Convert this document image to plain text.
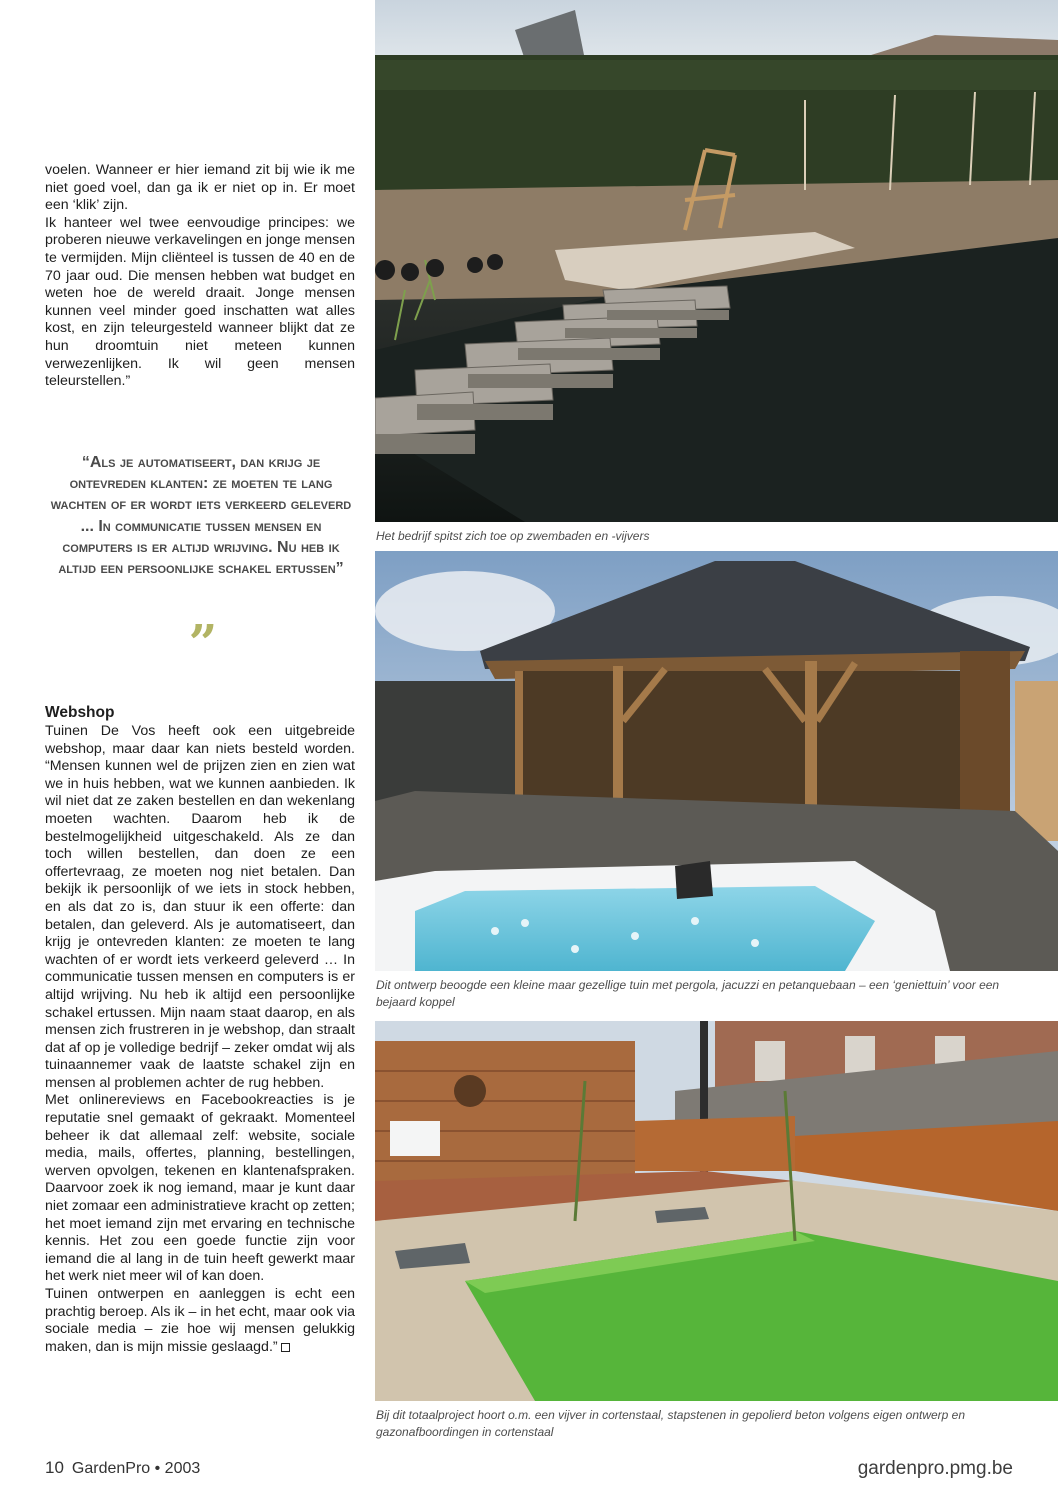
voelen. Wanneer er hier iemand zit bij wie ik me niet goed voel, dan ga ik er niet op in. Er moet een ‘klik’ zijn.

Ik hanteer wel twee eenvoudige principes: we proberen nieuwe verkavelingen en jonge mensen te vermijden. Mijn cliënteel is tussen de 40 en de 70 jaar oud. Die mensen hebben wat budget en weten hoe de wereld draait. Jonge mensen kunnen veel minder goed inschatten wat alles kost, en zijn teleurgesteld wanneer blijkt dat ze hun droomtuin niet meteen kunnen verwezenlijken. Ik wil geen mensen teleurstellen.”

“Als je automatiseert, dan krijg je ontevreden klanten: ze moeten te lang wachten of er wordt iets verkeerd geleverd ... In communicatie tussen mensen en computers is er altijd wrijving. Nu heb ik altijd een persoonlijke schakel ertussen”
”
Webshop

Tuinen De Vos heeft ook een uitgebreide webshop, maar daar kan niets besteld worden. “Mensen kunnen wel de prijzen zien en zien wat we in huis hebben, wat we kunnen aanbieden. Ik wil niet dat ze zaken bestellen en dan wekenlang moeten wachten. Daarom heb ik de bestelmogelijkheid uitgeschakeld. Als ze dan toch willen bestellen, dan doen ze een offertevraag, ze moeten nog niet betalen. Dan bekijk ik persoonlijk of we iets in stock hebben, en als dat zo is, dan stuur ik een offerte: dan betalen, dan geleverd. Als je automatiseert, dan krijg je ontevreden klanten: ze moeten te lang wachten of er wordt iets verkeerd geleverd … In communicatie tussen mensen en computers is er altijd wrijving. Nu heb ik altijd een persoonlijke schakel ertussen. Mijn naam staat daarop, en als mensen zich frustreren in je webshop, dan straalt dat af op je volledige bedrijf – zeker omdat wij als tuinaannemer vaak de laatste schakel zijn en mensen al problemen achter de rug hebben.

Met onlinereviews en Facebookreacties is je reputatie snel gemaakt of gekraakt. Momenteel beheer ik dat allemaal zelf: website, sociale media, mails, offertes, planning, bestellingen, werven opvolgen, tekenen en klantenafspraken. Daarvoor zoek ik nog iemand, maar je kunt daar niet zomaar een administratieve kracht op zetten; het moet iemand zijn met ervaring en technische kennis. Het zou een goede functie zijn voor iemand die al lang in de tuin heeft gewerkt maar het werk niet meer wil of kan doen.

Tuinen ontwerpen en aanleggen is echt een prachtig beroep. Als ik – in het echt, maar ook via sociale media – zie hoe wij mensen gelukkig maken, dan is mijn missie geslaagd.”

Het bedrijf spitst zich toe op zwembaden en -vijvers
Dit ontwerp beoogde een kleine maar gezellige tuin met pergola, jacuzzi en petanquebaan – een ‘geniettuin’ voor een bejaard koppel
Bij dit totaalproject hoort o.m. een vijver in cortenstaal, stapstenen in gepolierd beton volgens eigen ontwerp en gazonafboordingen in cortenstaal
10 GardenPro • 2003	gardenpro.pmg.be
